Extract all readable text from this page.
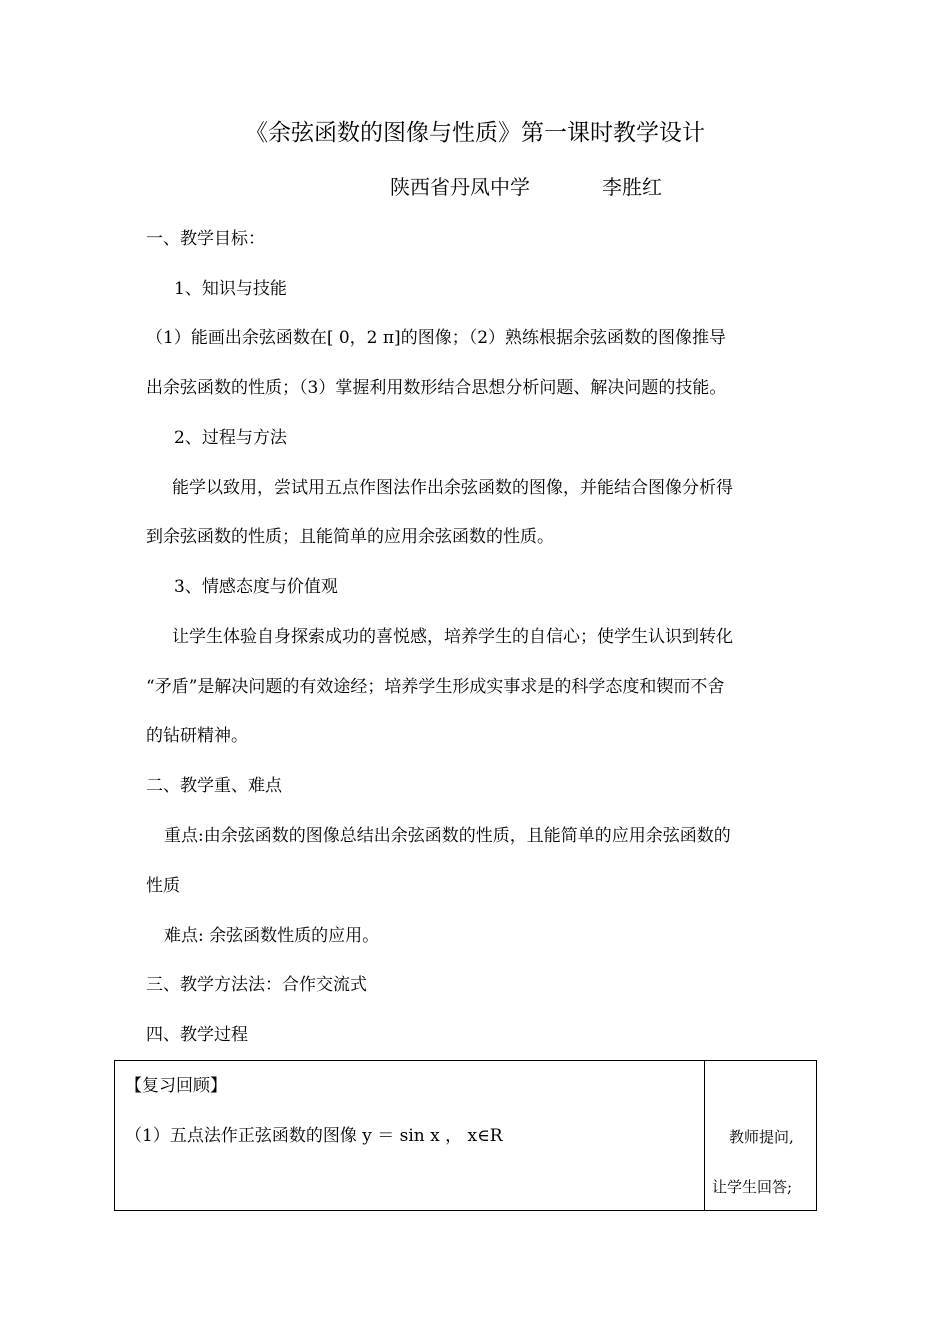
《余弦函数的图像与性质》第一课时教学设计
陕西省丹凤中学	李胜红
一、教学目标：
1、知识与技能
（1）能画出余弦函数在[ 0，2 π]的图像；（2）熟练根据余弦函数的图像推导
出余弦函数的性质；（3）掌握利用数形结合思想分析问题、解决问题的技能。
2、过程与方法
能学以致用，尝试用五点作图法作出余弦函数的图像，并能结合图像分析得
到余弦函数的性质；且能简单的应用余弦函数的性质。
3、情感态度与价值观
让学生体验自身探索成功的喜悦感，培养学生的自信心；使学生认识到转化
“矛盾”是解决问题的有效途经；培养学生形成实事求是的科学态度和锲而不舍
的钻研精神。
二、教学重、难点
重点:由余弦函数的图像总结出余弦函数的性质，且能简单的应用余弦函数的
性质
难点: 余弦函数性质的应用。
三、教学方法法：合作交流式
四、教学过程
【复习回顾】
（1）五点法作正弦函数的图像 y ＝ sin x ， x∈R	教师提问,
让学生回答;
